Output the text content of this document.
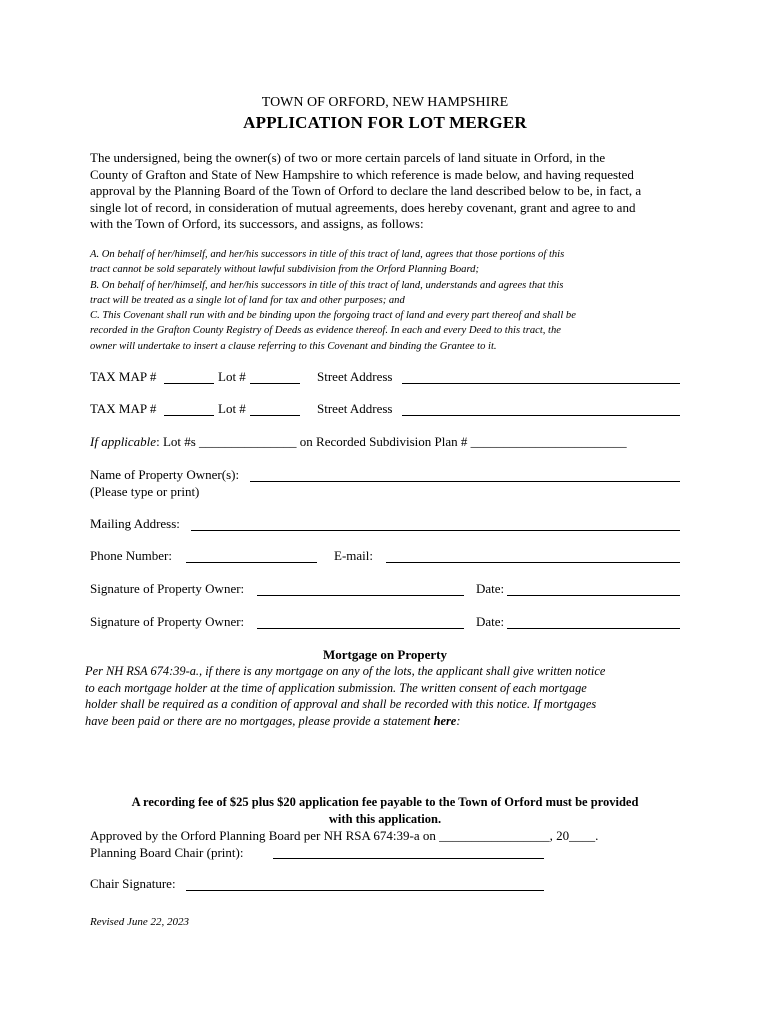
TOWN OF ORFORD, NEW HAMPSHIRE
APPLICATION FOR LOT MERGER
The undersigned, being the owner(s) of two or more certain parcels of land situate in Orford, in the
County of Grafton and State of New Hampshire to which reference is made below, and having requested
approval by the Planning Board of the Town of Orford to declare the land described below to be, in fact, a
single lot of record, in consideration of mutual agreements, does hereby covenant, grant and agree to and
with the Town of Orford, its successors, and assigns, as follows:
A. On behalf of her/himself, and her/his successors in title of this tract of land, agrees that those portions of this
tract cannot be sold separately without lawful subdivision from the Orford Planning Board;
B. On behalf of her/himself, and her/his successors in title of this tract of land, understands and agrees that this
tract will be treated as a single lot of land for tax and other purposes; and
C. This Covenant shall run with and be binding upon the forgoing tract of land and every part thereof and shall be
recorded in the Grafton County Registry of Deeds as evidence thereof. In each and every Deed to this tract, the
owner will undertake to insert a clause referring to this Covenant and binding the Grantee to it.
TAX MAP #	Lot #	Street Address
TAX MAP #	Lot #	Street Address
If applicable: Lot #s _______________ on Recorded Subdivision Plan # ________________________
Name of Property Owner(s):
(Please type or print)
Mailing Address:
Phone Number:	E-mail:
Signature of Property Owner:	Date:
Signature of Property Owner:	Date:
Mortgage on Property
Per NH RSA 674:39-a., if there is any mortgage on any of the lots, the applicant shall give written notice
to each mortgage holder at the time of application submission. The written consent of each mortgage
holder shall be required as a condition of approval and shall be recorded with this notice. If mortgages
have been paid or there are no mortgages, please provide a statement here:
A recording fee of $25 plus $20 application fee payable to the Town of Orford must be provided
with this application.
Approved by the Orford Planning Board per NH RSA 674:39-a on _________________, 20____.
Planning Board Chair (print):
Chair Signature:
Revised June 22, 2023
